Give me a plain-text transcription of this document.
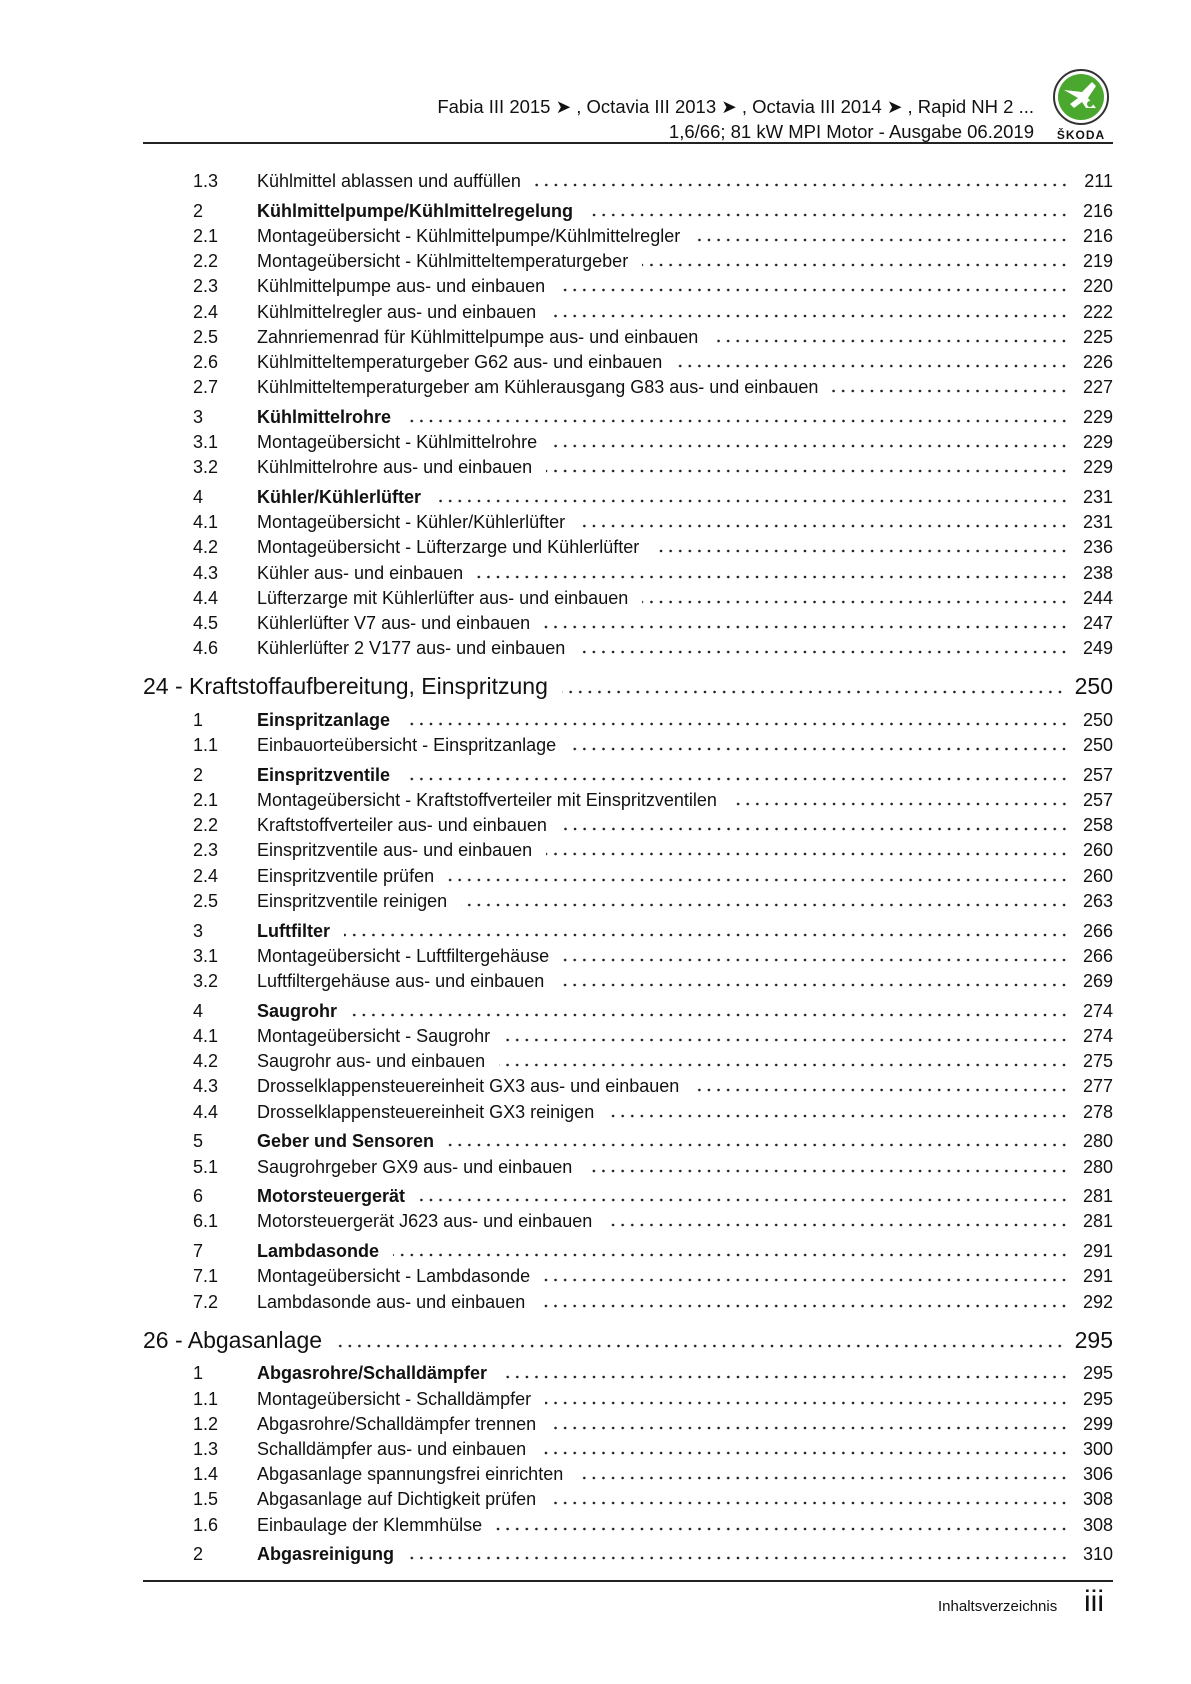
Fabia III 2015 ➤ , Octavia III 2013 ➤ , Octavia III 2014 ➤ , Rapid NH 2 ...
1,6/66; 81 kW MPI Motor - Ausgabe 06.2019	ŠKODA
1.3	Kühlmittel ablassen und auffüllen	211
2	Kühlmittelpumpe/Kühlmittelregelung	216
2.1	Montageübersicht - Kühlmittelpumpe/Kühlmittelregler	216
2.2	Montageübersicht - Kühlmitteltemperaturgeber	219
2.3	Kühlmittelpumpe aus- und einbauen	220
2.4	Kühlmittelregler aus- und einbauen	222
2.5	Zahnriemenrad für Kühlmittelpumpe aus- und einbauen	225
2.6	Kühlmitteltemperaturgeber G62 aus- und einbauen	226
2.7	Kühlmitteltemperaturgeber am Kühlerausgang G83 aus- und einbauen	227
3	Kühlmittelrohre	229
3.1	Montageübersicht - Kühlmittelrohre	229
3.2	Kühlmittelrohre aus- und einbauen	229
4	Kühler/Kühlerlüfter	231
4.1	Montageübersicht - Kühler/Kühlerlüfter	231
4.2	Montageübersicht - Lüfterzarge und Kühlerlüfter	236
4.3	Kühler aus- und einbauen	238
4.4	Lüfterzarge mit Kühlerlüfter aus- und einbauen	244
4.5	Kühlerlüfter V7 aus- und einbauen	247
4.6	Kühlerlüfter 2 V177 aus- und einbauen	249
24 - Kraftstoffaufbereitung, Einspritzung	250
1	Einspritzanlage	250
1.1	Einbauorteübersicht - Einspritzanlage	250
2	Einspritzventile	257
2.1	Montageübersicht - Kraftstoffverteiler mit Einspritzventilen	257
2.2	Kraftstoffverteiler aus- und einbauen	258
2.3	Einspritzventile aus- und einbauen	260
2.4	Einspritzventile prüfen	260
2.5	Einspritzventile reinigen	263
3	Luftfilter	266
3.1	Montageübersicht - Luftfiltergehäuse	266
3.2	Luftfiltergehäuse aus- und einbauen	269
4	Saugrohr	274
4.1	Montageübersicht - Saugrohr	274
4.2	Saugrohr aus- und einbauen	275
4.3	Drosselklappensteuereinheit GX3 aus- und einbauen	277
4.4	Drosselklappensteuereinheit GX3 reinigen	278
5	Geber und Sensoren	280
5.1	Saugrohrgeber GX9 aus- und einbauen	280
6	Motorsteuergerät	281
6.1	Motorsteuergerät J623 aus- und einbauen	281
7	Lambdasonde	291
7.1	Montageübersicht - Lambdasonde	291
7.2	Lambdasonde aus- und einbauen	292
26 - Abgasanlage	295
1	Abgasrohre/Schalldämpfer	295
1.1	Montageübersicht - Schalldämpfer	295
1.2	Abgasrohre/Schalldämpfer trennen	299
1.3	Schalldämpfer aus- und einbauen	300
1.4	Abgasanlage spannungsfrei einrichten	306
1.5	Abgasanlage auf Dichtigkeit prüfen	308
1.6	Einbaulage der Klemmhülse	308
2	Abgasreinigung	310
Inhaltsverzeichnis iii
